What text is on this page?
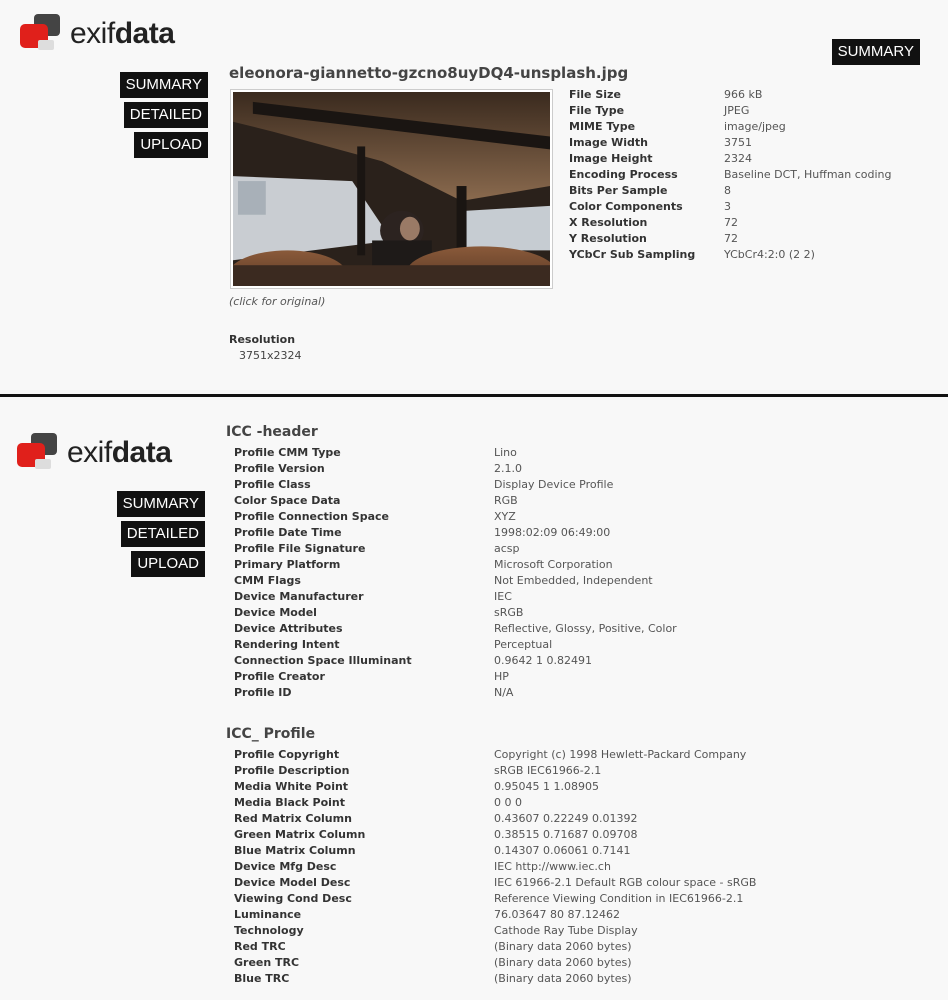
exifdata
SUMMARY
DETAILED
UPLOAD
SUMMARY
eleonora-giannetto-gzcno8uyDQ4-unsplash.jpg
(click for original)
File Size	966 kB
File Type	JPEG
MIME Type	image/jpeg
Image Width	3751
Image Height	2324
Encoding Process	Baseline DCT, Huffman coding
Bits Per Sample	8
Color Components	3
X Resolution	72
Y Resolution	72
YCbCr Sub Sampling	YCbCr4:2:0 (2 2)
Resolution
3751x2324
exifdata
SUMMARY
DETAILED
UPLOAD
ICC -header
Profile CMM Type	Lino
Profile Version	2.1.0
Profile Class	Display Device Profile
Color Space Data	RGB
Profile Connection Space	XYZ
Profile Date Time	1998:02:09 06:49:00
Profile File Signature	acsp
Primary Platform	Microsoft Corporation
CMM Flags	Not Embedded, Independent
Device Manufacturer	IEC
Device Model	sRGB
Device Attributes	Reflective, Glossy, Positive, Color
Rendering Intent	Perceptual
Connection Space Illuminant	0.9642 1 0.82491
Profile Creator	HP
Profile ID	N/A
ICC_ Profile
Profile Copyright	Copyright (c) 1998 Hewlett-Packard Company
Profile Description	sRGB IEC61966-2.1
Media White Point	0.95045 1 1.08905
Media Black Point	0 0 0
Red Matrix Column	0.43607 0.22249 0.01392
Green Matrix Column	0.38515 0.71687 0.09708
Blue Matrix Column	0.14307 0.06061 0.7141
Device Mfg Desc	IEC http://www.iec.ch
Device Model Desc	IEC 61966-2.1 Default RGB colour space - sRGB
Viewing Cond Desc	Reference Viewing Condition in IEC61966-2.1
Luminance	76.03647 80 87.12462
Technology	Cathode Ray Tube Display
Red TRC	(Binary data 2060 bytes)
Green TRC	(Binary data 2060 bytes)
Blue TRC	(Binary data 2060 bytes)
